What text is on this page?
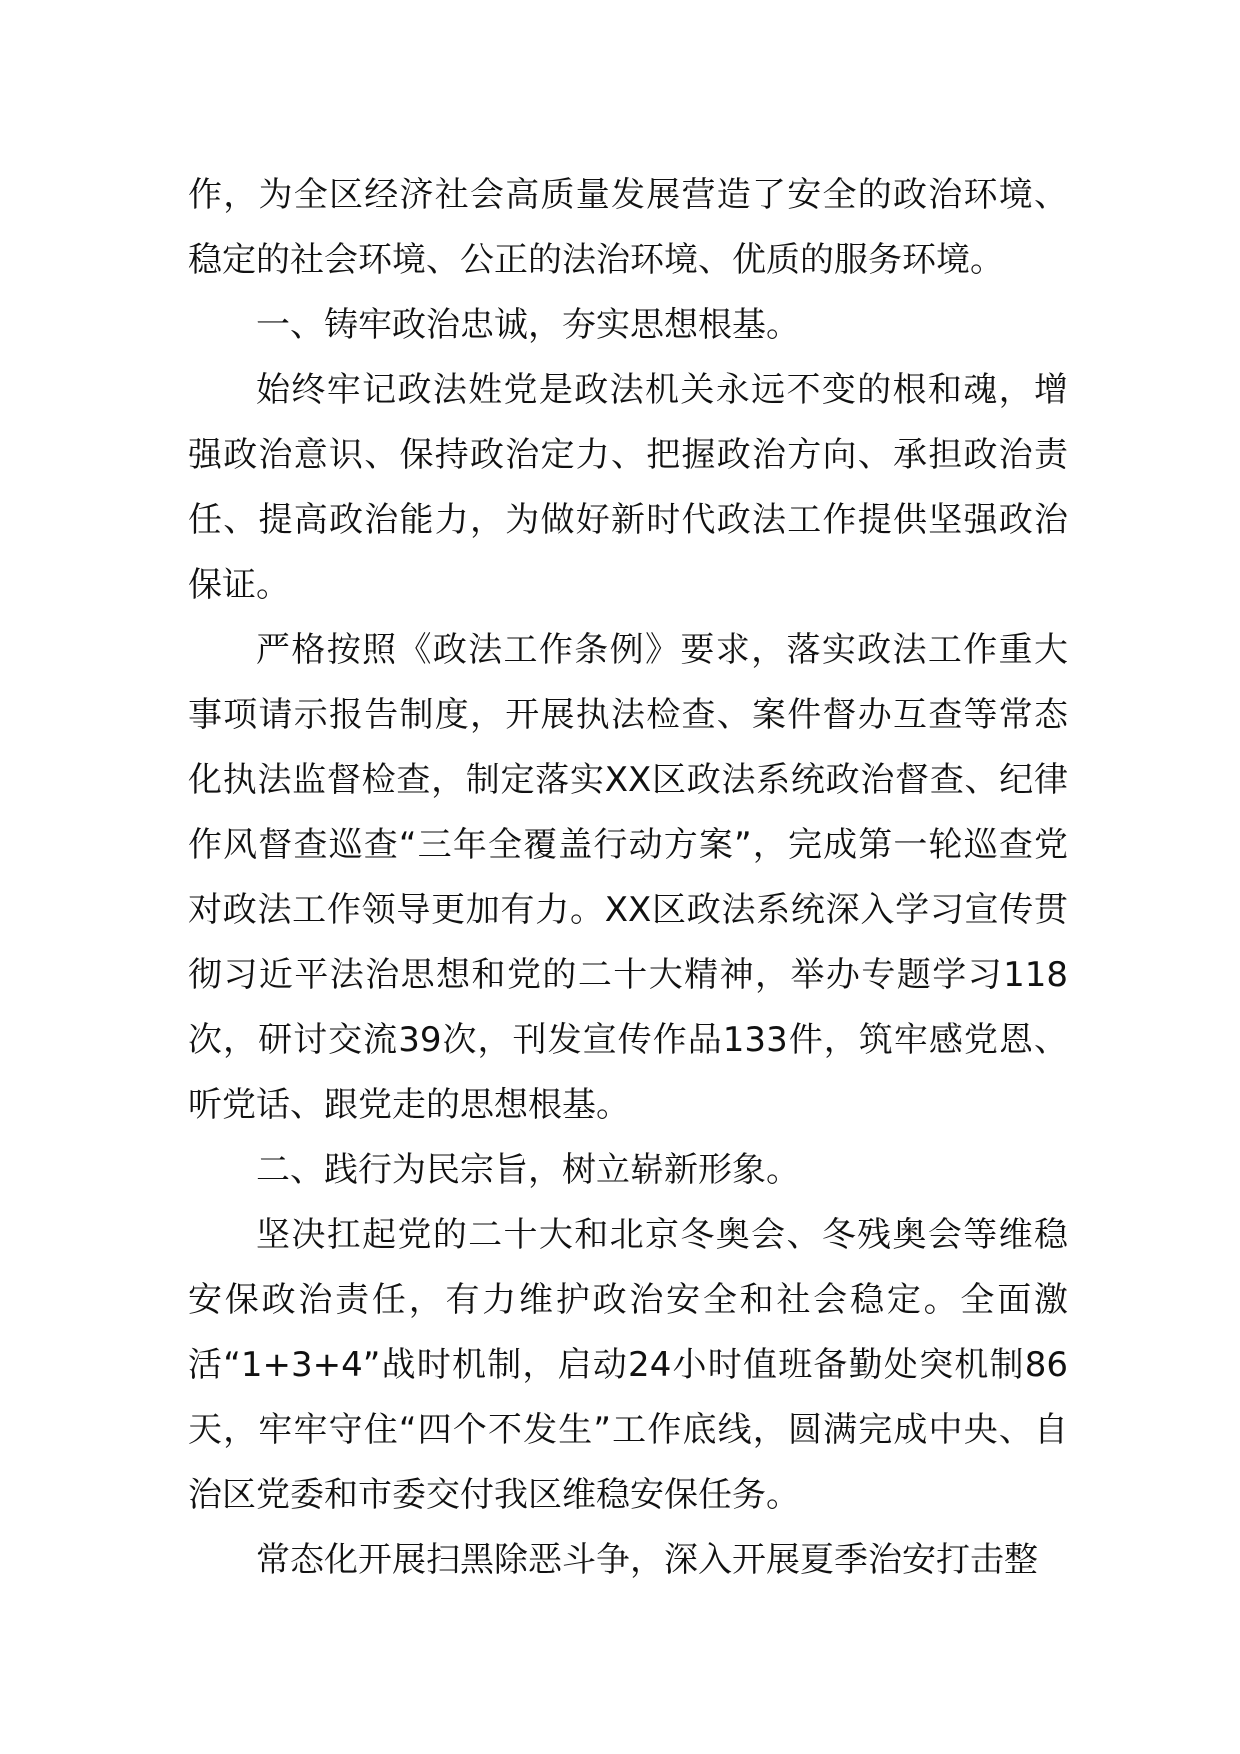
作，为全区经济社会高质量发展营造了安全的政治环境、稳定的社会环境、公正的法治环境、优质的服务环境。

一、铸牢政治忠诚，夯实思想根基。

始终牢记政法姓党是政法机关永远不变的根和魂，增强政治意识、保持政治定力、把握政治方向、承担政治责任、提高政治能力，为做好新时代政法工作提供坚强政治保证。

严格按照《政法工作条例》要求，落实政法工作重大事项请示报告制度，开展执法检查、案件督办互查等常态化执法监督检查，制定落实XX区政法系统政治督查、纪律作风督查巡查“三年全覆盖行动方案”，完成第一轮巡查党对政法工作领导更加有力。XX区政法系统深入学习宣传贯彻习近平法治思想和党的二十大精神，举办专题学习118次，研讨交流39次，刊发宣传作品133件，筑牢感党恩、听党话、跟党走的思想根基。

二、践行为民宗旨，树立崭新形象。

坚决扛起党的二十大和北京冬奥会、冬残奥会等维稳安保政治责任，有力维护政治安全和社会稳定。全面激活“1+3+4”战时机制，启动24小时值班备勤处突机制86天，牢牢守住“四个不发生”工作底线，圆满完成中央、自治区党委和市委交付我区维稳安保任务。

常态化开展扫黑除恶斗争，深入开展夏季治安打击整
